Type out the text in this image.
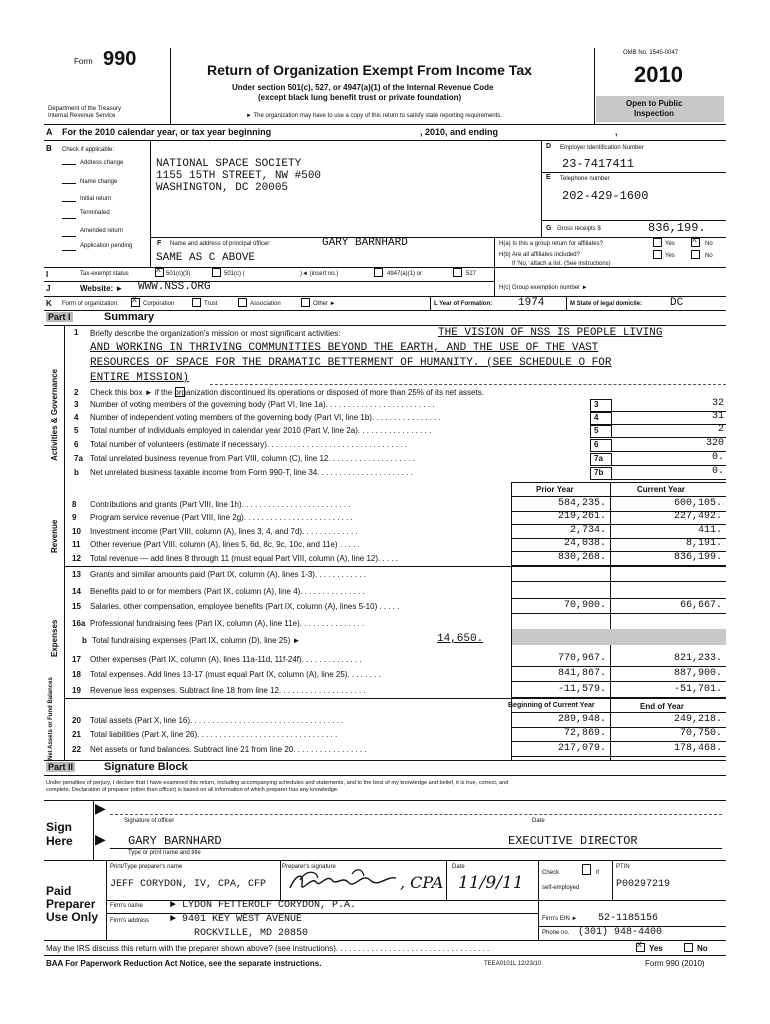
Form 990
Department of the Treasury
Internal Revenue Service
Return of Organization Exempt From Income Tax
Under section 501(c), 527, or 4947(a)(1) of the Internal Revenue Code
(except black lung benefit trust or private foundation)
► The organization may have to use a copy of this return to satisfy state reporting requirements.
OMB No. 1545-0047
2010
Open to Public
Inspection
A For the 2010 calendar year, or tax year beginning	, 2010, and ending	,
B Check if applicable:
Address change
Name change
Initial return
Terminated
Amended return
Application pending
NATIONAL SPACE SOCIETY
1155 15TH STREET, NW #500
WASHINGTON, DC 20005
D Employer Identification Number
23-7417411
E Telephone number
202-429-1600
G Gross receipts $	836,199.
F Name and address of principal officer:	GARY BARNHARD
SAME AS C ABOVE
H(a) Is this a group return for affiliates?	Yes X No
H(b) Are all affiliates included?	Yes	No
If 'No,' attach a list. (See instructions)
I	Tax-exempt status	X 501(c)(3)	501(c) (	)◄ (insert no.)	4947(a)(1) or	527
J	Website: ► WWW.NSS.ORG	H(c) Group exemption number ►
K Form of organization: X Corporation	Trust	Association	Other ►	L Year of Formation: 1974	M State of legal domicile:	DC
Part I	Summary
Activities & Governance
Revenue
Expenses
Net Assets or Fund Balances
1 Briefly describe the organization's mission or most significant activities:	THE VISION OF NSS IS PEOPLE LIVING
AND WORKING IN THRIVING COMMUNITIES BEYOND THE EARTH, AND THE USE OF THE VAST
RESOURCES OF SPACE FOR THE DRAMATIC BETTERMENT OF HUMANITY. (SEE SCHEDULE O FOR
ENTIRE MISSION)
2 Check this box ► if the organization discontinued its operations or disposed of more than 25% of its net assets.
3 Number of voting members of the governing body (Part VI, line 1a). . . . . . . . . . . . . . . . . . . . . . . . .	3	32
4 Number of independent voting members of the governing body (Part VI, line 1b). . . . . . . . . . . . . . . .	4	31
5 Total number of individuals employed in calendar year 2010 (Part V, line 2a). . . . . . . . . . . . . . . . .	5	2
6 Total number of volunteers (estimate if necessary). . . . . . . . . . . . . . . . . . . . . . . . . . . . . . . .	6	320
7a Total unrelated business revenue from Part VIII, column (C), line 12. . . . . . . . . . . . . . . . . . . .	7a	0.
b Net unrelated business taxable income from Form 990-T, line 34. . . . . . . . . . . . . . . . . . . . . .	7b	0.
Prior Year	Current Year
8 Contributions and grants (Part VIII, line 1h). . . . . . . . . . . . . . . . . . . . . . . . .	584,235.	600,105.
9 Program service revenue (Part VIII, line 2g). . . . . . . . . . . . . . . . . . . . . . . . .	219,261.	227,492.
10 Investment income (Part VIII, column (A), lines 3, 4, and 7d). . . . . . . . . . . . .	2,734.	411.
11 Other revenue (Part VIII, column (A), lines 5, 6d, 8c, 9c, 10c, and 11e) . . . . .	24,038.	8,191.
12 Total revenue — add lines 8 through 11 (must equal Part VIII, column (A), line 12). . . . .	830,268.	836,199.
13 Grants and similar amounts paid (Part IX, column (A), lines 1-3). . . . . . . . . . . .
14 Benefits paid to or for members (Part IX, column (A), line 4). . . . . . . . . . . . . . .
15 Salaries, other compensation, employee benefits (Part IX, column (A), lines 5-10) . . . . .	70,900.	66,667.
16a Professional fundraising fees (Part IX, column (A), line 11e). . . . . . . . . . . . . . .
b Total fundraising expenses (Part IX, column (D), line 25) ►	14,650.
17 Other expenses (Part IX, column (A), lines 11a-11d, 11f-24f). . . . . . . . . . . . . .	770,967.	821,233.
18 Total expenses. Add lines 13-17 (must equal Part IX, column (A), line 25). . . . . . . .	841,867.	887,900.
19 Revenue less expenses. Subtract line 18 from line 12. . . . . . . . . . . . . . . . . . . .	-11,579.	-51,701.
Beginning of Current Year	End of Year
20 Total assets (Part X, line 16). . . . . . . . . . . . . . . . . . . . . . . . . . . . . . . . . . .	289,948.	249,218.
21 Total liabilities (Part X, line 26). . . . . . . . . . . . . . . . . . . . . . . . . . . . . . . .	72,869.	70,750.
22 Net assets or fund balances. Subtract line 21 from line 20. . . . . . . . . . . . . . . . .	217,079.	178,468.
Part II	Signature Block
Under penalties of perjury, I declare that I have examined this return, including accompanying schedules and statements, and to the best of my knowledge and belief, it is true, correct, and
complete. Declaration of preparer (other than officer) is based on all information of which preparer has any knowledge.
Sign
Here
▶
Signature of officer	Date
GARY BARNHARD	EXECUTIVE DIRECTOR
▶
Type or print name and title
Paid
Preparer
Use Only
Print/Type preparer's name	Preparer's signature	Date
Check	if
self-employed
PTIN
JEFF CORYDON, IV, CPA, CFP	, CPA 11/9/11	P00297219
Firm's name	► LYDON FETTEROLF CORYDON, P.A.
Firm's address ► 9401 KEY WEST AVENUE
ROCKVILLE, MD 20850
Firm's EIN ► 52-1185156
Phone no. (301) 948-4400
May the IRS discuss this return with the preparer shown above? (see instructions). . . . . . . . . . . . . . . . . . . . . . . . . . . . . . . . . . .	X Yes	No
BAA For Paperwork Reduction Act Notice, see the separate instructions.	TEEA0101L 12/23/10	Form 990 (2010)
